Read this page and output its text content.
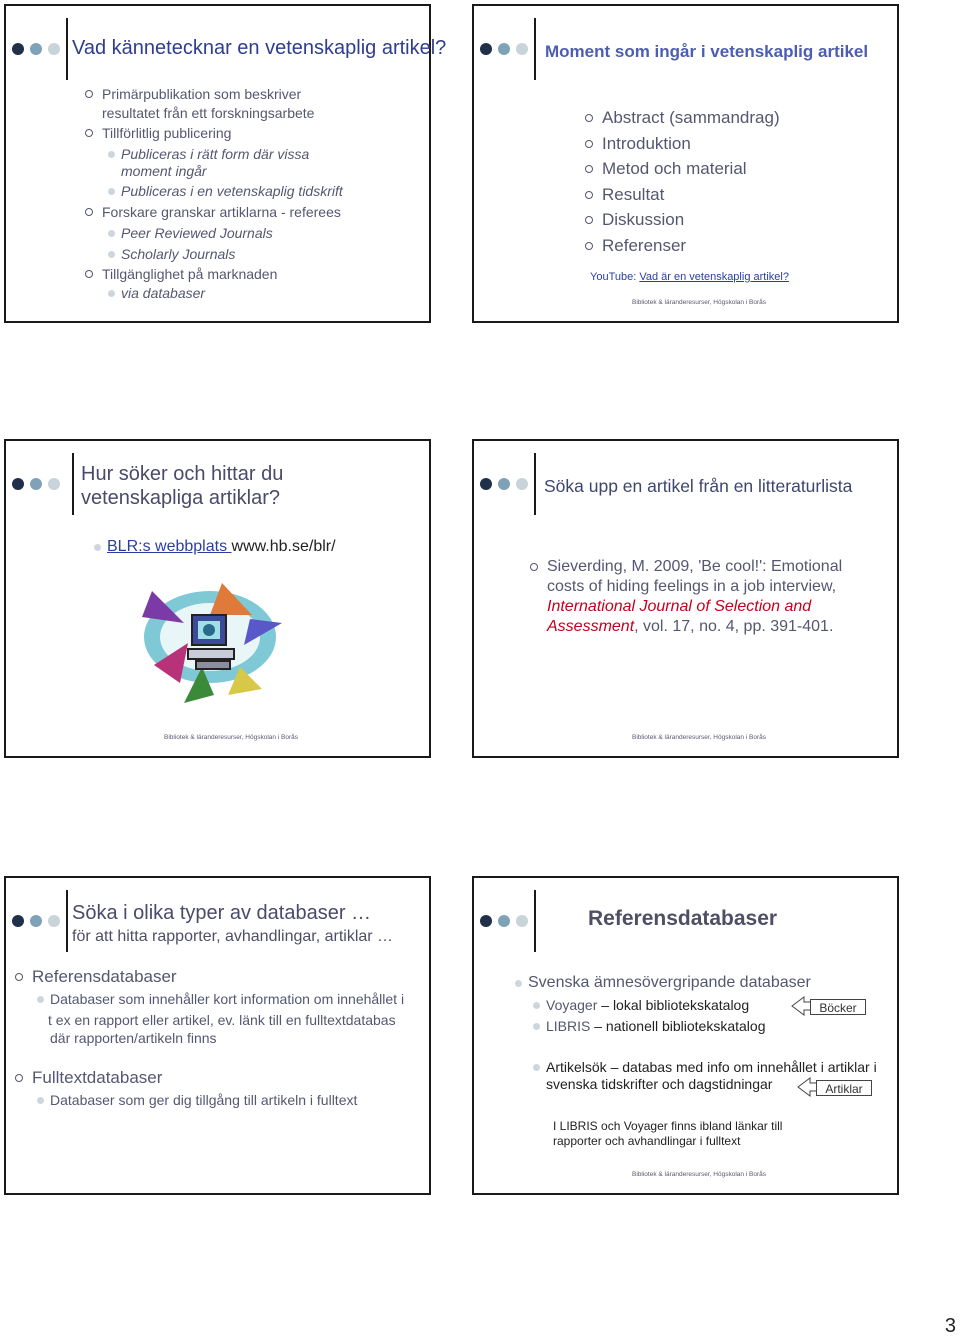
Vad kännetecknar en vetenskaplig artikel?
Primärpublikation som beskriver
resultatet från ett forskningsarbete
Tillförlitlig publicering
Publiceras i rätt form där vissa
moment ingår
Publiceras i en vetenskaplig tidskrift
Forskare granskar artiklarna - referees
Peer Reviewed Journals
Scholarly Journals
Tillgänglighet på marknaden
via databaser
Moment som ingår i vetenskaplig artikel
Abstract (sammandrag)
Introduktion
Metod och material
Resultat
Diskussion
Referenser
YouTube: Vad är en vetenskaplig artikel?
Bibliotek & läranderesurser, Högskolan i Borås
Hur söker och hittar du
vetenskapliga artiklar?
BLR:s webbplats www.hb.se/blr/
Bibliotek & läranderesurser, Högskolan i Borås
Söka upp en artikel från en litteraturlista
Sieverding, M. 2009, 'Be cool!': Emotional
costs of hiding feelings in a job interview,
International Journal of Selection and
Assessment, vol. 17, no. 4, pp. 391-401.
Bibliotek & läranderesurser, Högskolan i Borås
Söka i olika typer av databaser …
för att hitta rapporter, avhandlingar, artiklar …
Referensdatabaser
Databaser som innehåller kort information om innehållet i
t ex en rapport eller artikel, ev. länk till en fulltextdatabas
där rapporten/artikeln finns
Fulltextdatabaser
Databaser som ger dig tillgång till artikeln i fulltext
Referensdatabaser
Svenska ämnesövergripande databaser
Voyager – lokal bibliotekskatalog
LIBRIS – nationell bibliotekskatalog
Artikelsök – databas med info om innehållet i artiklar i
svenska tidskrifter och dagstidningar
Böcker
Artiklar
I LIBRIS och Voyager finns ibland länkar till
rapporter och avhandlingar i fulltext
Bibliotek & läranderesurser, Högskolan i Borås
3
